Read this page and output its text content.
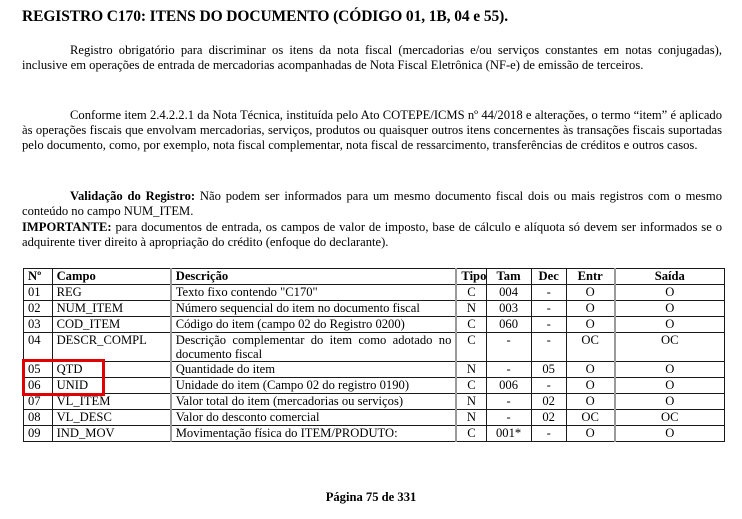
REGISTRO C170: ITENS DO DOCUMENTO (CÓDIGO 01, 1B, 04 e 55).
Registro obrigatório para discriminar os itens da nota fiscal (mercadorias e/ou serviços constantes em notas conjugadas), inclusive em operações de entrada de mercadorias acompanhadas de Nota Fiscal Eletrônica (NF-e) de emissão de terceiros.
Conforme item 2.4.2.2.1 da Nota Técnica, instituída pelo Ato COTEPE/ICMS nº 44/2018 e alterações, o termo “item” é aplicado às operações fiscais que envolvam mercadorias, serviços, produtos ou quaisquer outros itens concernentes às transações fiscais suportadas pelo documento, como, por exemplo, nota fiscal complementar, nota fiscal de ressarcimento, transferências de créditos e outros casos.
Validação do Registro: Não podem ser informados para um mesmo documento fiscal dois ou mais registros com o mesmo conteúdo no campo NUM_ITEM.
IMPORTANTE: para documentos de entrada, os campos de valor de imposto, base de cálculo e alíquota só devem ser informados se o adquirente tiver direito à apropriação do crédito (enfoque do declarante).
Nº	Campo	Descrição	Tipo	Tam	Dec	Entr	Saída
01	REG	Texto fixo contendo "C170"	C	004	-	O	O
02	NUM_ITEM	Número sequencial do item no documento fiscal	N	003	-	O	O
03	COD_ITEM	Código do item (campo 02 do Registro 0200)	C	060	-	O	O
04	DESCR_COMPL	Descrição complementar do item como adotado no documento fiscal	C	-	-	OC	OC
05	QTD	Quantidade do item	N	-	05	O	O
06	UNID	Unidade do item (Campo 02 do registro 0190)	C	006	-	O	O
07	VL_ITEM	Valor total do item (mercadorias ou serviços)	N	-	02	O	O
08	VL_DESC	Valor do desconto comercial	N	-	02	OC	OC
09	IND_MOV	Movimentação física do ITEM/PRODUTO:	C	001*	-	O	O
Página 75 de 331
